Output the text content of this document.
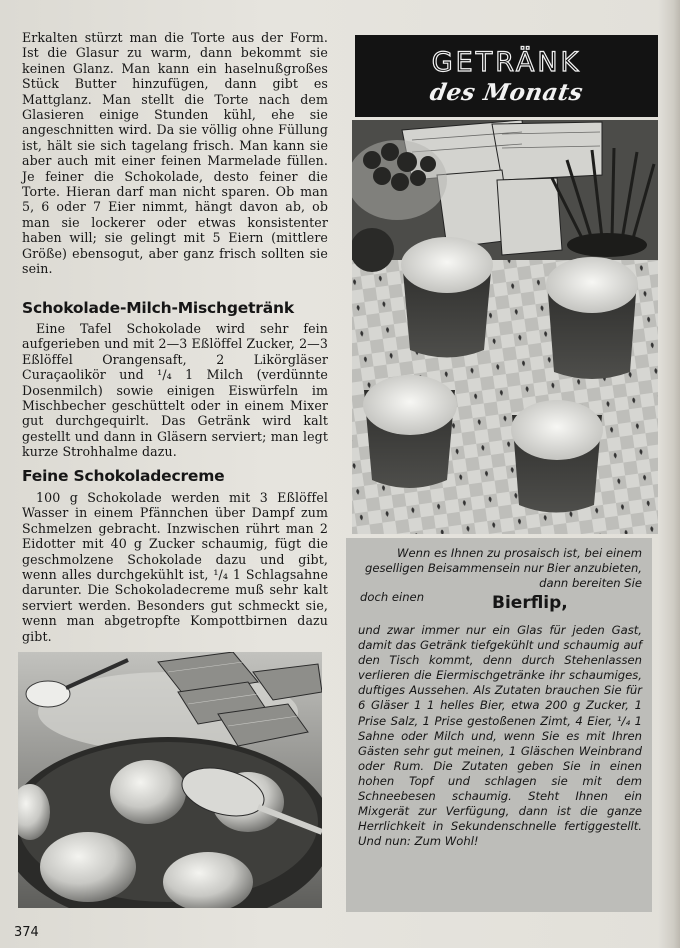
Erkalten stürzt man die Torte aus der Form. Ist die Glasur zu warm, dann bekommt sie keinen Glanz. Man kann ein haselnußgroßes Stück Butter hinzufügen, dann gibt es Mattglanz. Man stellt die Torte nach dem Glasieren einige Stunden kühl, ehe sie angeschnitten wird. Da sie völlig ohne Füllung ist, hält sie sich tagelang frisch. Man kann sie aber auch mit einer feinen Marmelade füllen. Je feiner die Schokolade, desto feiner die Torte. Hieran darf man nicht sparen. Ob man 5, 6 oder 7 Eier nimmt, hängt davon ab, ob man sie lockerer oder etwas konsistenter haben will; sie gelingt mit 5 Eiern (mittlere Größe) ebensogut, aber ganz frisch sollten sie sein.

Schokolade-Milch-Mischgetränk

Eine Tafel Schokolade wird sehr fein aufgerieben und mit 2—3 Eßlöffel Zucker, 2—3 Eßlöffel Orangensaft, 2 Likörgläser Curaçaolikör und ¹/₄ 1 Milch (verdünnte Dosenmilch) sowie einigen Eiswürfeln im Mischbecher geschüttelt oder in einem Mixer gut durchgequirlt. Das Getränk wird kalt gestellt und dann in Gläsern serviert; man legt kurze Strohhalme dazu.

Feine Schokoladecreme

100 g Schokolade werden mit 3 Eßlöffel Wasser in einem Pfännchen über Dampf zum Schmelzen gebracht. Inzwischen rührt man 2 Eidotter mit 40 g Zucker schaumig, fügt die geschmolzene Schokolade dazu und gibt, wenn alles durchgekühlt ist, ¹/₄ 1 Schlagsahne darunter. Die Schokoladecreme muß sehr kalt serviert werden. Besonders gut schmeckt sie, wenn man abgetropfte Kompottbirnen dazu gibt.

GETRÄNK
des Monats

Wenn es Ihnen zu prosaisch ist, bei einem geselligen Beisammensein nur Bier anzubieten, dann bereiten Sie

doch einen	Bierflip,

und zwar immer nur ein Glas für jeden Gast, damit das Getränk tiefgekühlt und schaumig auf den Tisch kommt, denn durch Stehenlassen verlieren die Eiermischgetränke ihr schaumiges, duftiges Aussehen. Als Zutaten brauchen Sie für 6 Gläser 1 1 helles Bier, etwa 200 g Zucker, 1 Prise Salz, 1 Prise gestoßenen Zimt, 4 Eier, ¹/₄ 1 Sahne oder Milch und, wenn Sie es mit Ihren Gästen sehr gut meinen, 1 Gläschen Weinbrand oder Rum. Die Zutaten geben Sie in einen hohen Topf und schlagen sie mit dem Schneebesen schaumig. Steht Ihnen ein Mixgerät zur Verfügung, dann ist die ganze Herrlichkeit in Sekundenschnelle fertiggestellt. Und nun: Zum Wohl!

374
